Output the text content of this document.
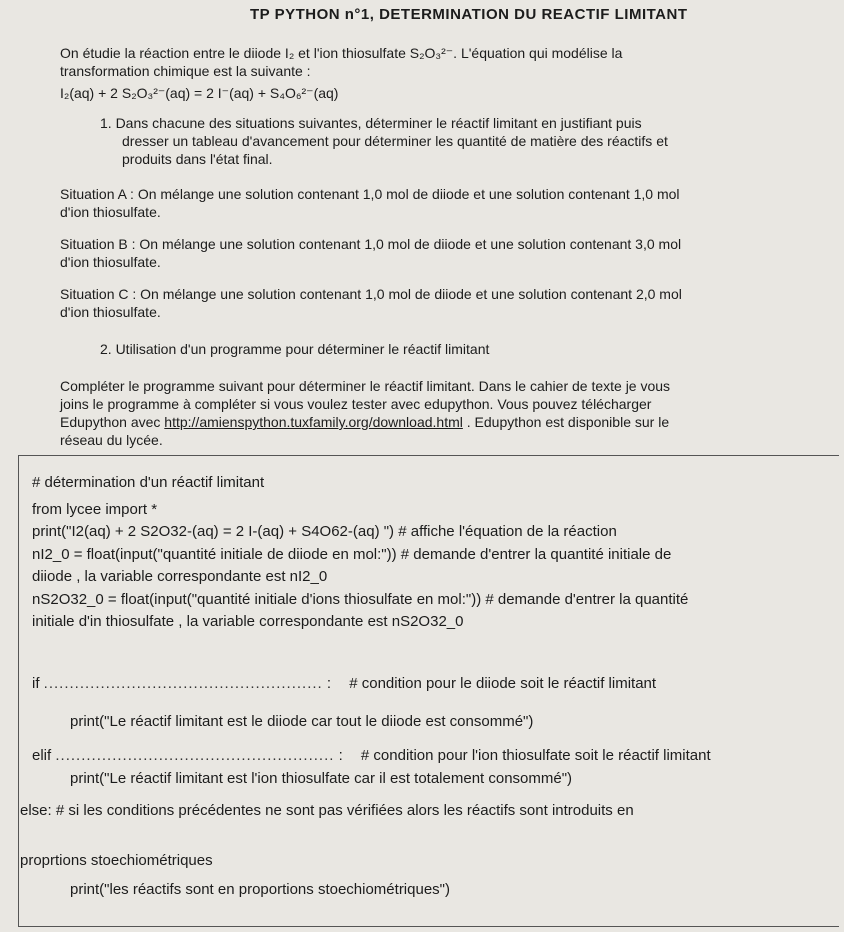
TP PYTHON n°1, DETERMINATION DU REACTIF LIMITANT
On étudie la réaction entre le diiode I₂ et l'ion thiosulfate S₂O₃²⁻. L'équation qui modélise la
transformation chimique est la suivante :
I₂(aq) + 2 S₂O₃²⁻(aq) = 2 I⁻(aq) + S₄O₆²⁻(aq)
1. Dans chacune des situations suivantes, déterminer le réactif limitant en justifiant puis
dresser un tableau d'avancement pour déterminer les quantité de matière des réactifs et
produits dans l'état final.
Situation A : On mélange une solution contenant 1,0 mol de diiode et une solution contenant 1,0 mol
d'ion thiosulfate.
Situation B : On mélange une solution contenant 1,0 mol de diiode et une solution contenant 3,0 mol
d'ion thiosulfate.
Situation C : On mélange une solution contenant 1,0 mol de diiode et une solution contenant 2,0 mol
d'ion thiosulfate.
2. Utilisation d'un programme pour déterminer le réactif limitant
Compléter le programme suivant pour déterminer le réactif limitant. Dans le cahier de texte je vous
joins le programme à compléter si vous voulez tester avec edupython. Vous pouvez télécharger
Edupython avec http://amienspython.tuxfamily.org/download.html . Edupython est disponible sur le
réseau du lycée.
# détermination d'un réactif limitant
from lycee import *
print("I2(aq) + 2 S2O32-(aq) = 2 I-(aq) + S4O62-(aq) ") # affiche l'équation de la réaction
nI2_0 = float(input("quantité initiale de diiode en mol:")) # demande d'entrer la quantité initiale de
diiode , la variable correspondante est nI2_0
nS2O32_0 = float(input("quantité initiale d'ions thiosulfate en mol:")) # demande d'entrer la quantité
initiale d'in thiosulfate , la variable correspondante est nS2O32_0
if ...................................................... : # condition pour le diiode soit le réactif limitant
print("Le réactif limitant est le diiode car tout le diiode est consommé")
elif ...................................................... : # condition pour l'ion thiosulfate soit le réactif limitant
print("Le réactif limitant est l'ion thiosulfate car il est totalement consommé")
else: # si les conditions précédentes ne sont pas vérifiées alors les réactifs sont introduits en
proprtions stoechiométriques
print("les réactifs sont en proportions stoechiométriques")
